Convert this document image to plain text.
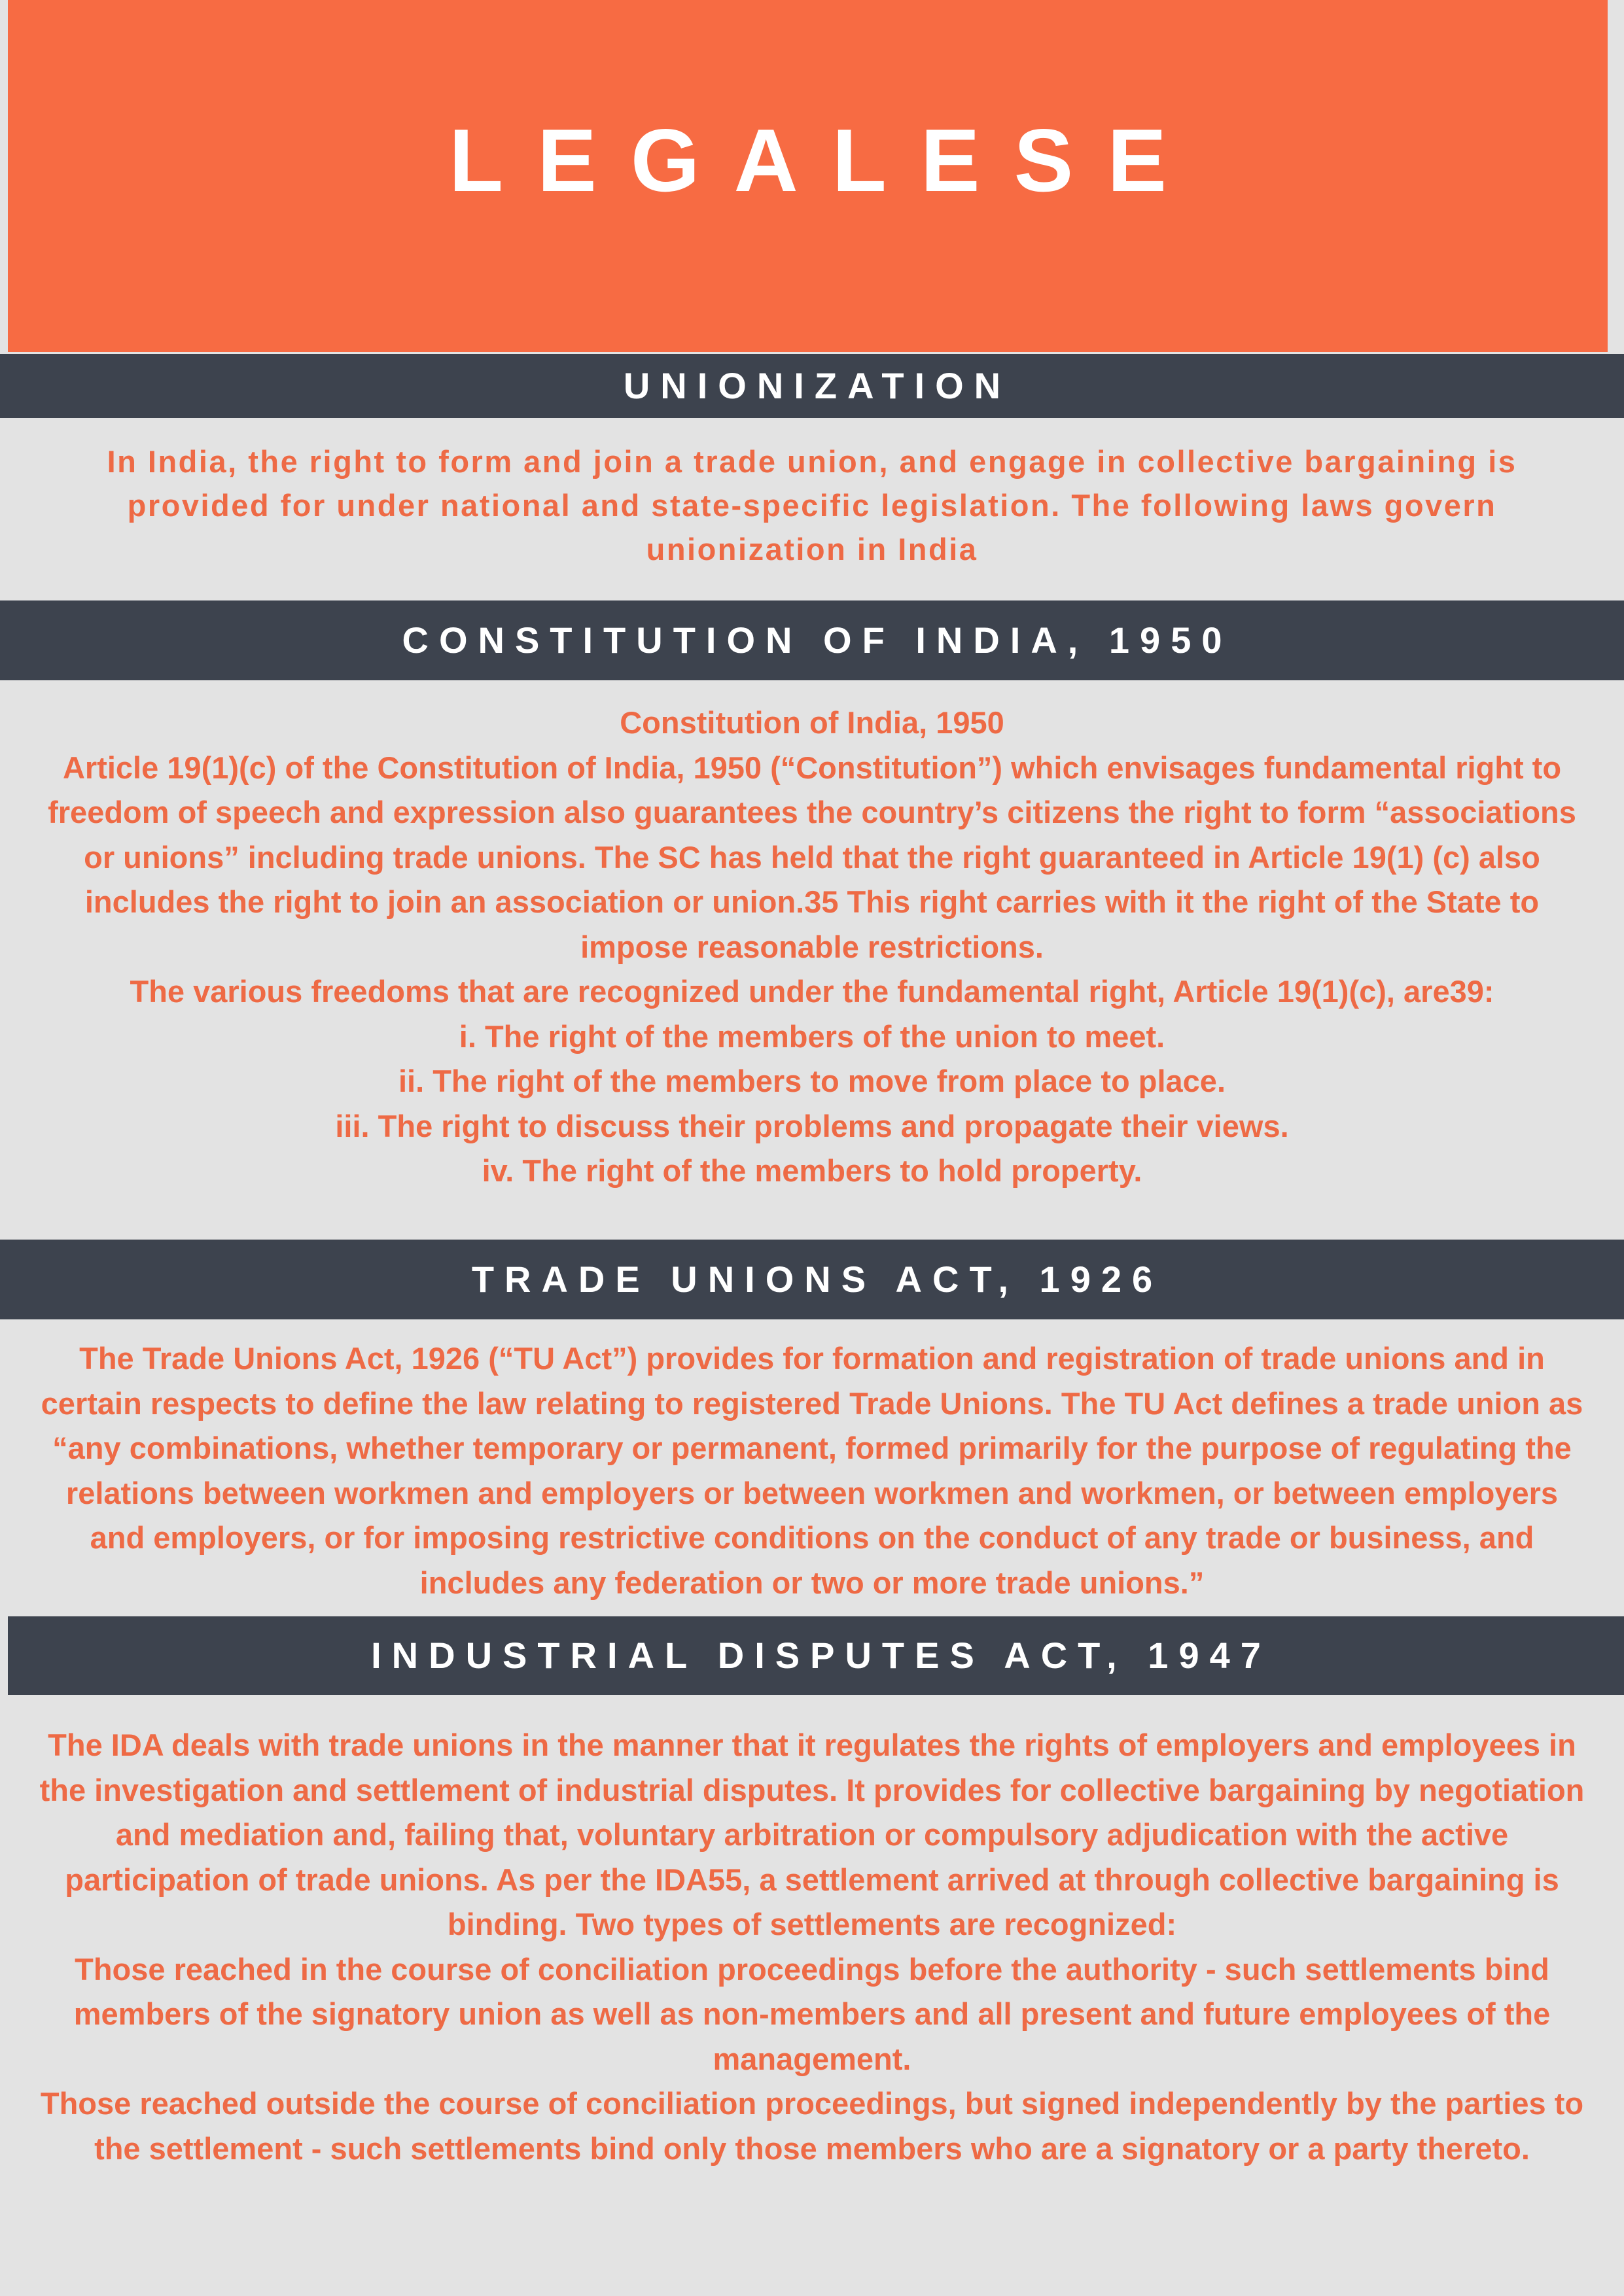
LEGALESE
UNIONIZATION

In India, the right to form and join a trade union, and engage in collective bargaining is provided for under national and state-specific legislation. The following laws govern unionization in India

CONSTITUTION OF INDIA, 1950

Constitution of India, 1950

Article 19(1)(c) of the Constitution of India, 1950 (“Constitution”) which envisages fundamental right to freedom of speech and expression also guarantees the country’s citizens the right to form “associations or unions” including trade unions. The SC has held that the right guaranteed in Article 19(1) (c) also includes the right to join an association or union.35 This right carries with it the right of the State to impose reasonable restrictions.

The various freedoms that are recognized under the fundamental right, Article 19(1)(c), are39:

i. The right of the members of the union to meet.

ii. The right of the members to move from place to place.

iii. The right to discuss their problems and propagate their views.

iv. The right of the members to hold property.

TRADE UNIONS ACT, 1926

The Trade Unions Act, 1926 (“TU Act”) provides for formation and registration of trade unions and in certain respects to define the law relating to registered Trade Unions. The TU Act defines a trade union as “any combinations, whether temporary or permanent, formed primarily for the purpose of regulating the relations between workmen and employers or between workmen and workmen, or between employers and employers, or for imposing restrictive conditions on the conduct of any trade or business, and includes any federation or two or more trade unions.”

INDUSTRIAL DISPUTES ACT, 1947

The IDA deals with trade unions in the manner that it regulates the rights of employers and employees in the investigation and settlement of industrial disputes. It provides for collective bargaining by negotiation and mediation and, failing that, voluntary arbitration or compulsory adjudication with the active participation of trade unions. As per the IDA55, a settlement arrived at through collective bargaining is binding. Two types of settlements are recognized:

Those reached in the course of conciliation proceedings before the authority - such settlements bind members of the signatory union as well as non-members and all present and future employees of the management.

Those reached outside the course of conciliation proceedings, but signed independently by the parties to the settlement - such settlements bind only those members who are a signatory or a party thereto.
